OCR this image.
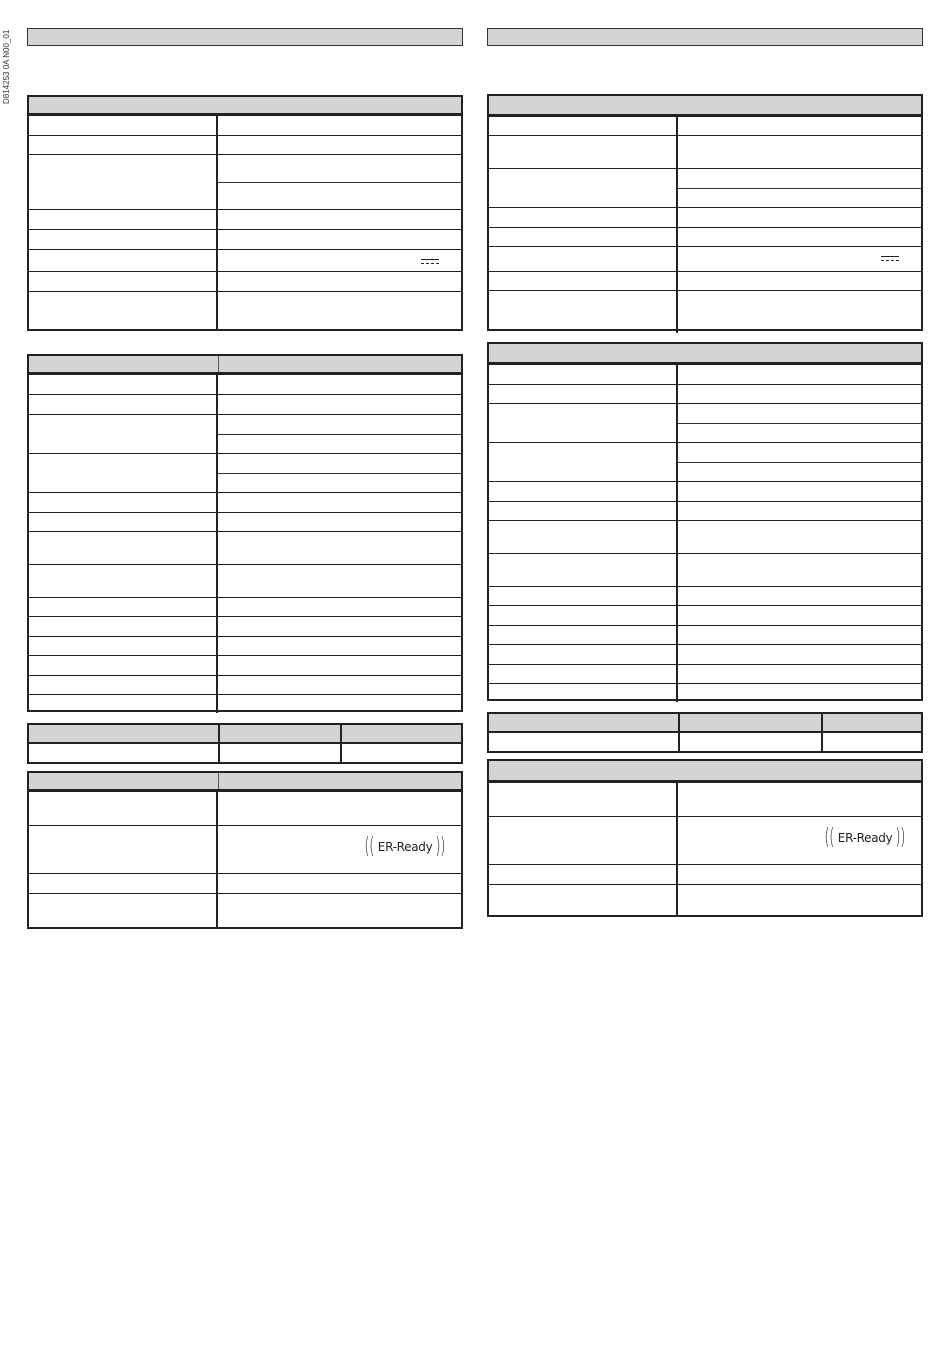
D814253 0A N00_01
(( ER-Ready ))	(( ER-Ready ))
